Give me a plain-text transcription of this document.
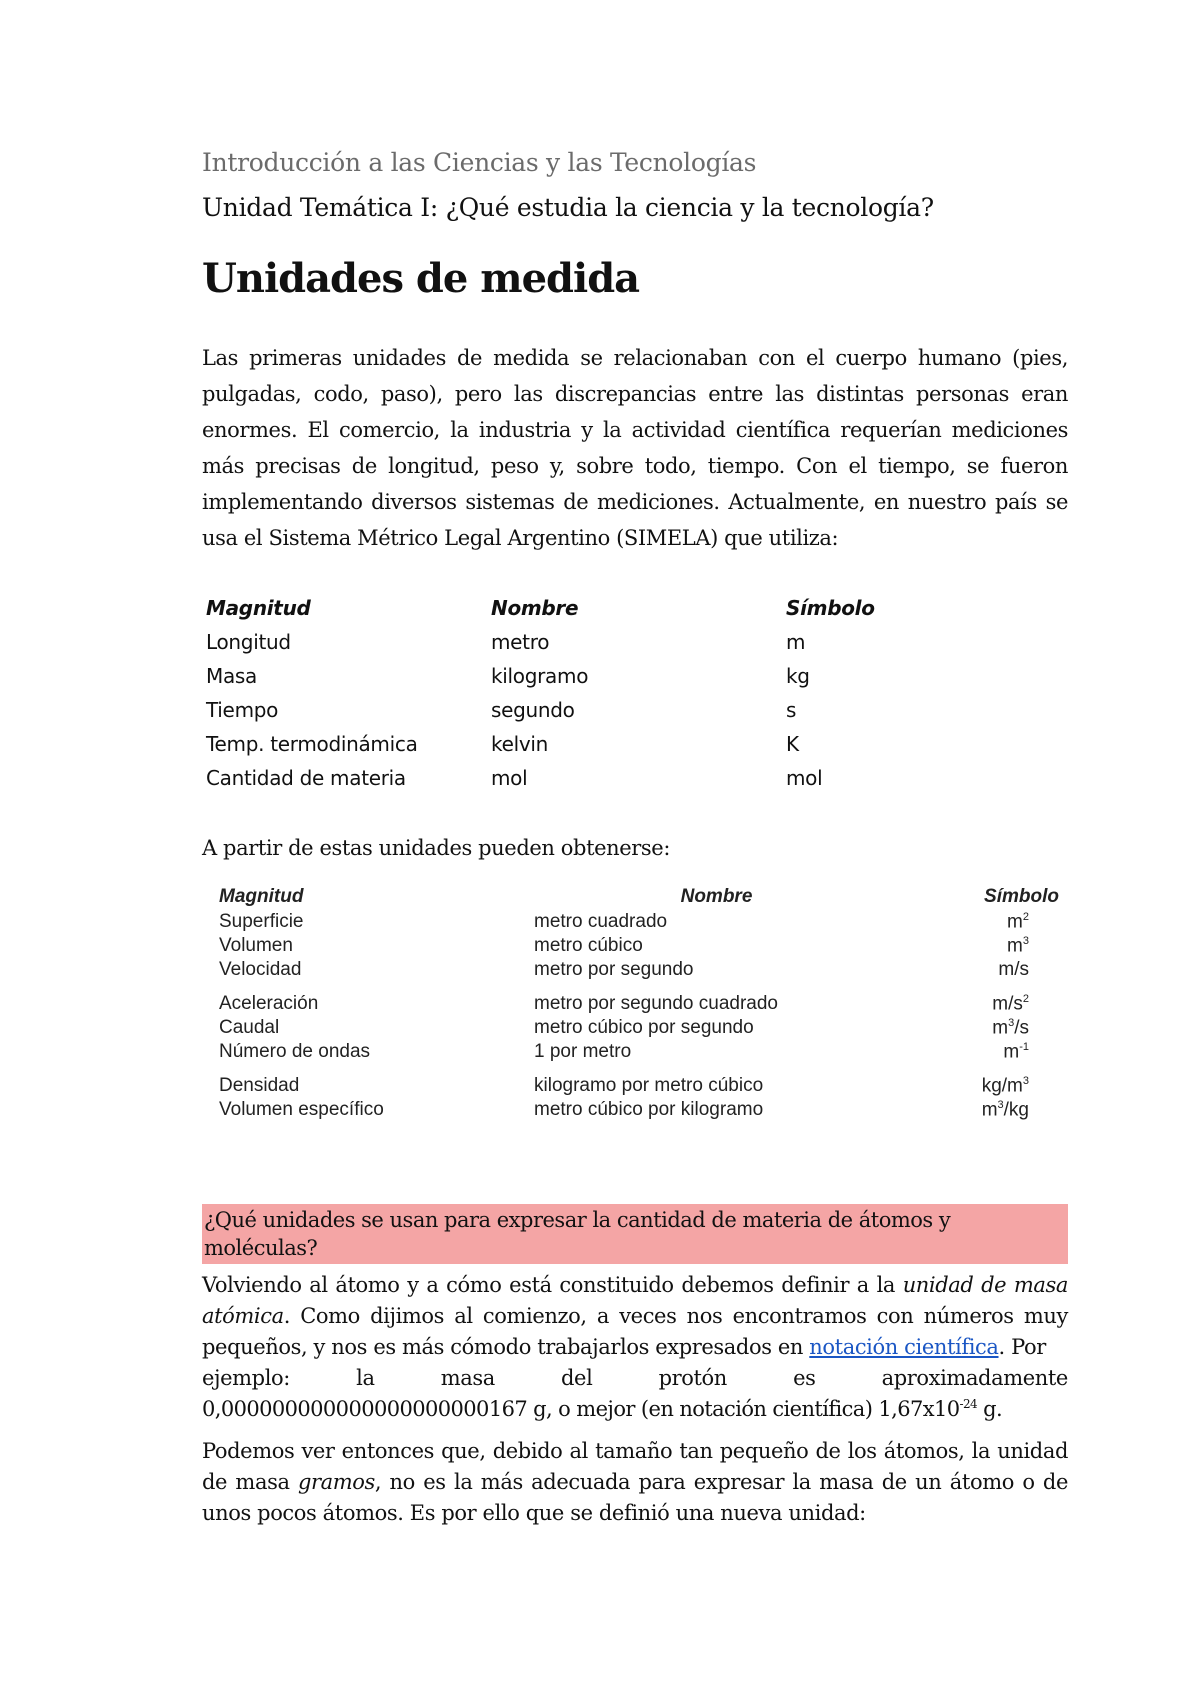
Introducción a las Ciencias y las Tecnologías
Unidad Temática I: ¿Qué estudia la ciencia y la tecnología?
Unidades de medida

Las primeras unidades de medida se relacionaban con el cuerpo humano (pies, pulgadas, codo, paso), pero las discrepancias entre las distintas personas eran enormes. El comercio, la industria y la actividad científica requerían mediciones más precisas de longitud, peso y, sobre todo, tiempo. Con el tiempo, se fueron implementando diversos sistemas de mediciones. Actualmente, en nuestro país se usa el Sistema Métrico Legal Argentino (SIMELA) que utiliza:

Magnitud	Nombre	Símbolo
Longitud	metro	m
Masa	kilogramo	kg
Tiempo	segundo	s
Temp. termodinámica	kelvin	K
Cantidad de materia	mol	mol
A partir de estas unidades pueden obtenerse:
Magnitud	Nombre	Símbolo
Superficie	metro cuadrado	$m^2$
Volumen	metro cúbico	$m^3$
Velocidad	metro por segundo	m/s
Aceleración	metro por segundo cuadrado	$m/s^2$
Caudal	metro cúbico por segundo	$m^3/s$
Número de ondas	1 por metro	$m^{-1}$
Densidad	kilogramo por metro cúbico	$kg/m^3$
Volumen específico	metro cúbico por kilogramo	$m^3/kg$
¿Qué unidades se usan para expresar la cantidad de materia de átomos y moléculas?
Volviendo al átomo y a cómo está constituido debemos definir a la unidad de masa atómica. Como dijimos al comienzo, a veces nos encontramos con números muy pequeños, y nos es más cómodo trabajarlos expresados en notación científica. Por
ejemplo:	la	masa	del	protón	es	aproximadamente
0,000000000000000000000167 g, o mejor (en notación científica) $1,67x10^{-24}$ g.
Podemos ver entonces que, debido al tamaño tan pequeño de los átomos, la unidad de masa gramos, no es la más adecuada para expresar la masa de un átomo o de unos pocos átomos. Es por ello que se definió una nueva unidad:
